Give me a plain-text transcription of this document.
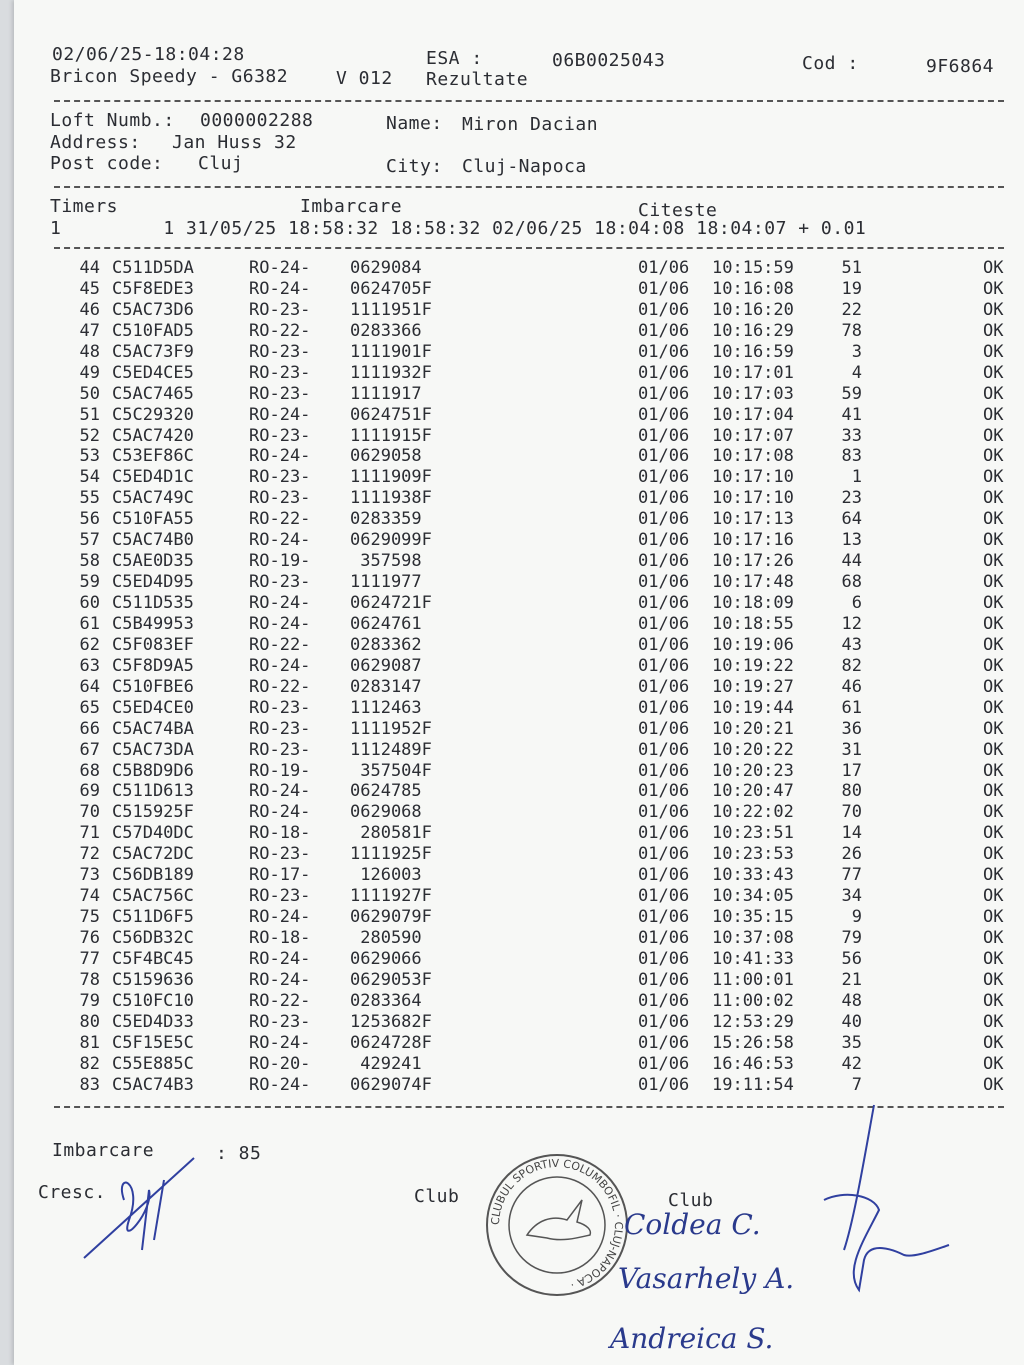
02/06/25-18:04:28	ESA :	06B0025043	Cod :	9F6864
Bricon Speedy - G6382	V 012 Rezultate
Loft Numb.: 0000002288	Name: Miron Dacian
Address: Jan Huss 32
Post code: Cluj	City: Cluj-Napoca
Timers	Imbarcare	Citeste
1         1 31/05/25 18:58:32 18:58:32 02/06/25 18:04:08 18:04:07 + 0.01
44 C511D5DA	RO-24- 0629084	01/06 10:15:59	51	OK
45 C5F8EDE3	RO-24- 0624705F	01/06 10:16:08	19	OK
46 C5AC73D6	RO-23- 1111951F	01/06 10:16:20	22	OK
47 C510FAD5	RO-22- 0283366	01/06 10:16:29	78	OK
48 C5AC73F9	RO-23- 1111901F	01/06 10:16:59	3	OK
49 C5ED4CE5	RO-23- 1111932F	01/06 10:17:01	4	OK
50 C5AC7465	RO-23- 1111917	01/06 10:17:03	59	OK
51 C5C29320	RO-24- 0624751F	01/06 10:17:04	41	OK
52 C5AC7420	RO-23- 1111915F	01/06 10:17:07	33	OK
53 C53EF86C	RO-24- 0629058	01/06 10:17:08	83	OK
54 C5ED4D1C	RO-23- 1111909F	01/06 10:17:10	1	OK
55 C5AC749C	RO-23- 1111938F	01/06 10:17:10	23	OK
56 C510FA55	RO-22- 0283359	01/06 10:17:13	64	OK
57 C5AC74B0	RO-24- 0629099F	01/06 10:17:16	13	OK
58 C5AE0D35	RO-19- 357598	01/06 10:17:26	44	OK
59 C5ED4D95	RO-23- 1111977	01/06 10:17:48	68	OK
60 C511D535	RO-24- 0624721F	01/06 10:18:09	6	OK
61 C5B49953	RO-24- 0624761	01/06 10:18:55	12	OK
62 C5F083EF	RO-22- 0283362	01/06 10:19:06	43	OK
63 C5F8D9A5	RO-24- 0629087	01/06 10:19:22	82	OK
64 C510FBE6	RO-22- 0283147	01/06 10:19:27	46	OK
65 C5ED4CE0	RO-23- 1112463	01/06 10:19:44	61	OK
66 C5AC74BA	RO-23- 1111952F	01/06 10:20:21	36	OK
67 C5AC73DA	RO-23- 1112489F	01/06 10:20:22	31	OK
68 C5B8D9D6	RO-19- 357504F	01/06 10:20:23	17	OK
69 C511D613	RO-24- 0624785	01/06 10:20:47	80	OK
70 C515925F	RO-24- 0629068	01/06 10:22:02	70	OK
71 C57D40DC	RO-18- 280581F	01/06 10:23:51	14	OK
72 C5AC72DC	RO-23- 1111925F	01/06 10:23:53	26	OK
73 C56DB189	RO-17- 126003	01/06 10:33:43	77	OK
74 C5AC756C	RO-23- 1111927F	01/06 10:34:05	34	OK
75 C511D6F5	RO-24- 0629079F	01/06 10:35:15	9	OK
76 C56DB32C	RO-18- 280590	01/06 10:37:08	79	OK
77 C5F4BC45	RO-24- 0629066	01/06 10:41:33	56	OK
78 C5159636	RO-24- 0629053F	01/06 11:00:01	21	OK
79 C510FC10	RO-22- 0283364	01/06 11:00:02	48	OK
80 C5ED4D33	RO-23- 1253682F	01/06 12:53:29	40	OK
81 C5F15E5C	RO-24- 0624728F	01/06 15:26:58	35	OK
82 C55E885C	RO-20- 429241	01/06 16:46:53	42	OK
83 C5AC74B3	RO-24- 0629074F	01/06 19:11:54	7	OK
Imbarcare	: 85
Cresc.	Club	Club
CLUBUL SPORTIV COLUMBOFIL · CLUJ-NAPOCA ·
Coldea C.
Vasarhely A.
Andreica S.
